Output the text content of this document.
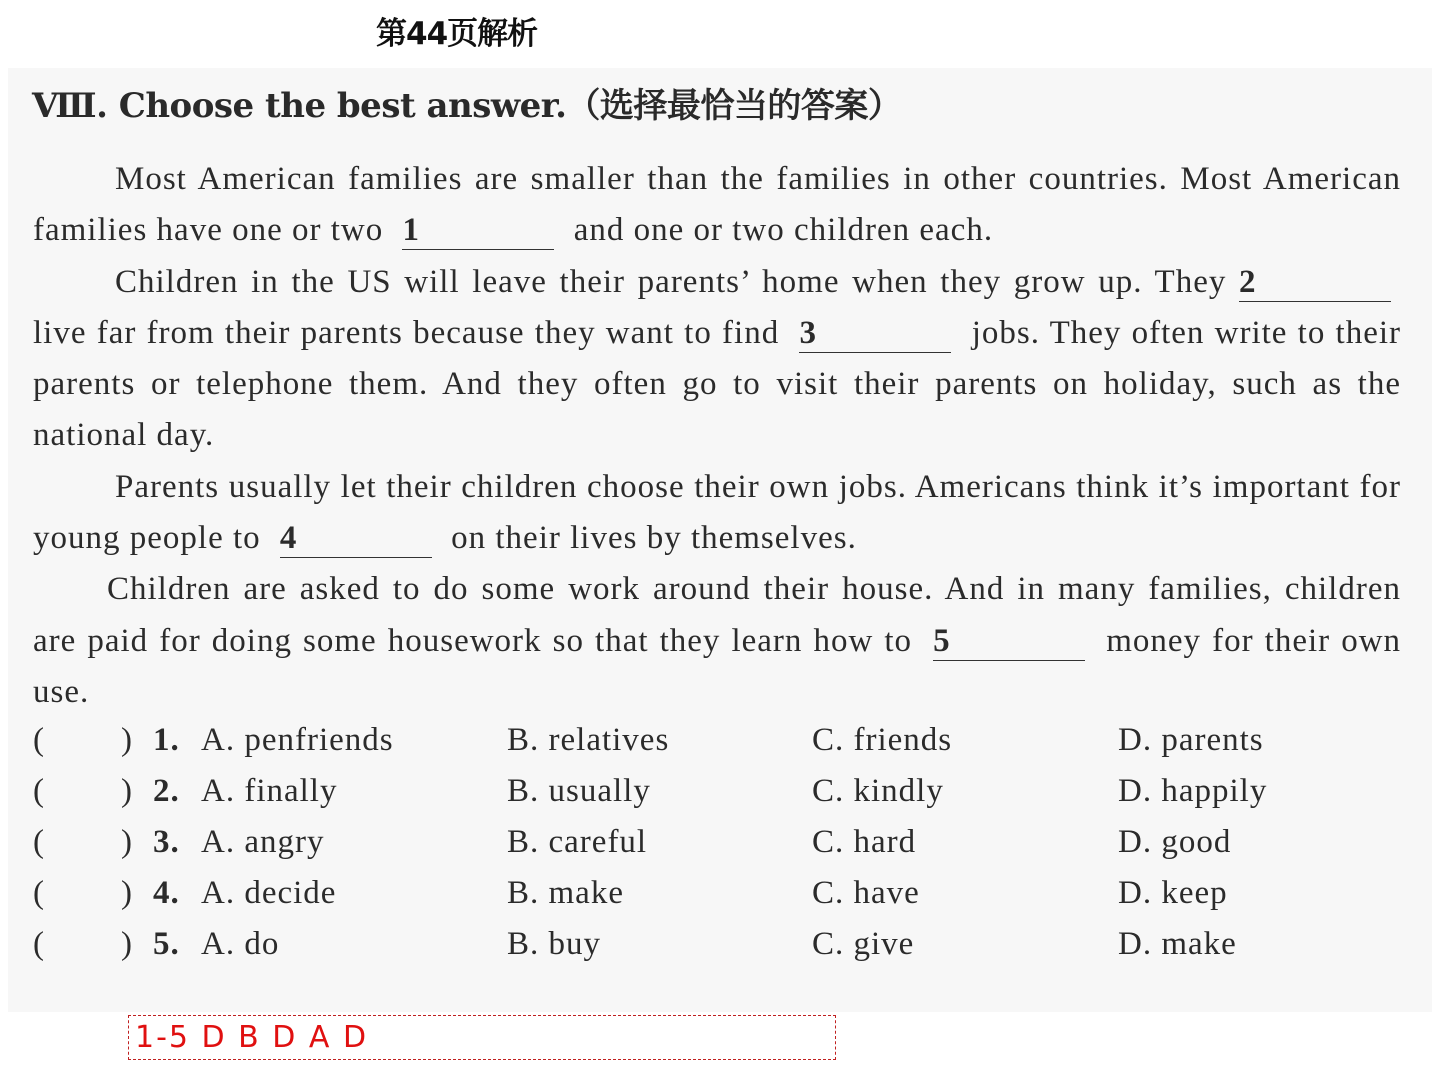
第44页解析
Ⅷ. Choose the best answer.（选择最恰当的答案）

Most American families are smaller than the families in other countries. Most American families have one or two 1	and one or two children each.

Children in the US will leave their parents’ home when they grow up. They 2 live far from their parents because they want to find 3	jobs. They often write to their parents or telephone them. And they often go to visit their parents on holiday, such as the national day.

Parents usually let their children choose their own jobs. Americans think it’s important for young people to 4	on their lives by themselves.

Children are asked to do some work around their house. And in many families, children are paid for doing some housework so that they learn how to 5	money for their own use.

( ) 1. A. penfriends	B. relatives	C. friends	D. parents
( ) 2. A. finally	B. usually	C. kindly	D. happily
( ) 3. A. angry	B. careful	C. hard	D. good
( ) 4. A. decide	B. make	C. have	D. keep
( ) 5. A. do	B. buy	C. give	D. make
1-5 D B D A D
